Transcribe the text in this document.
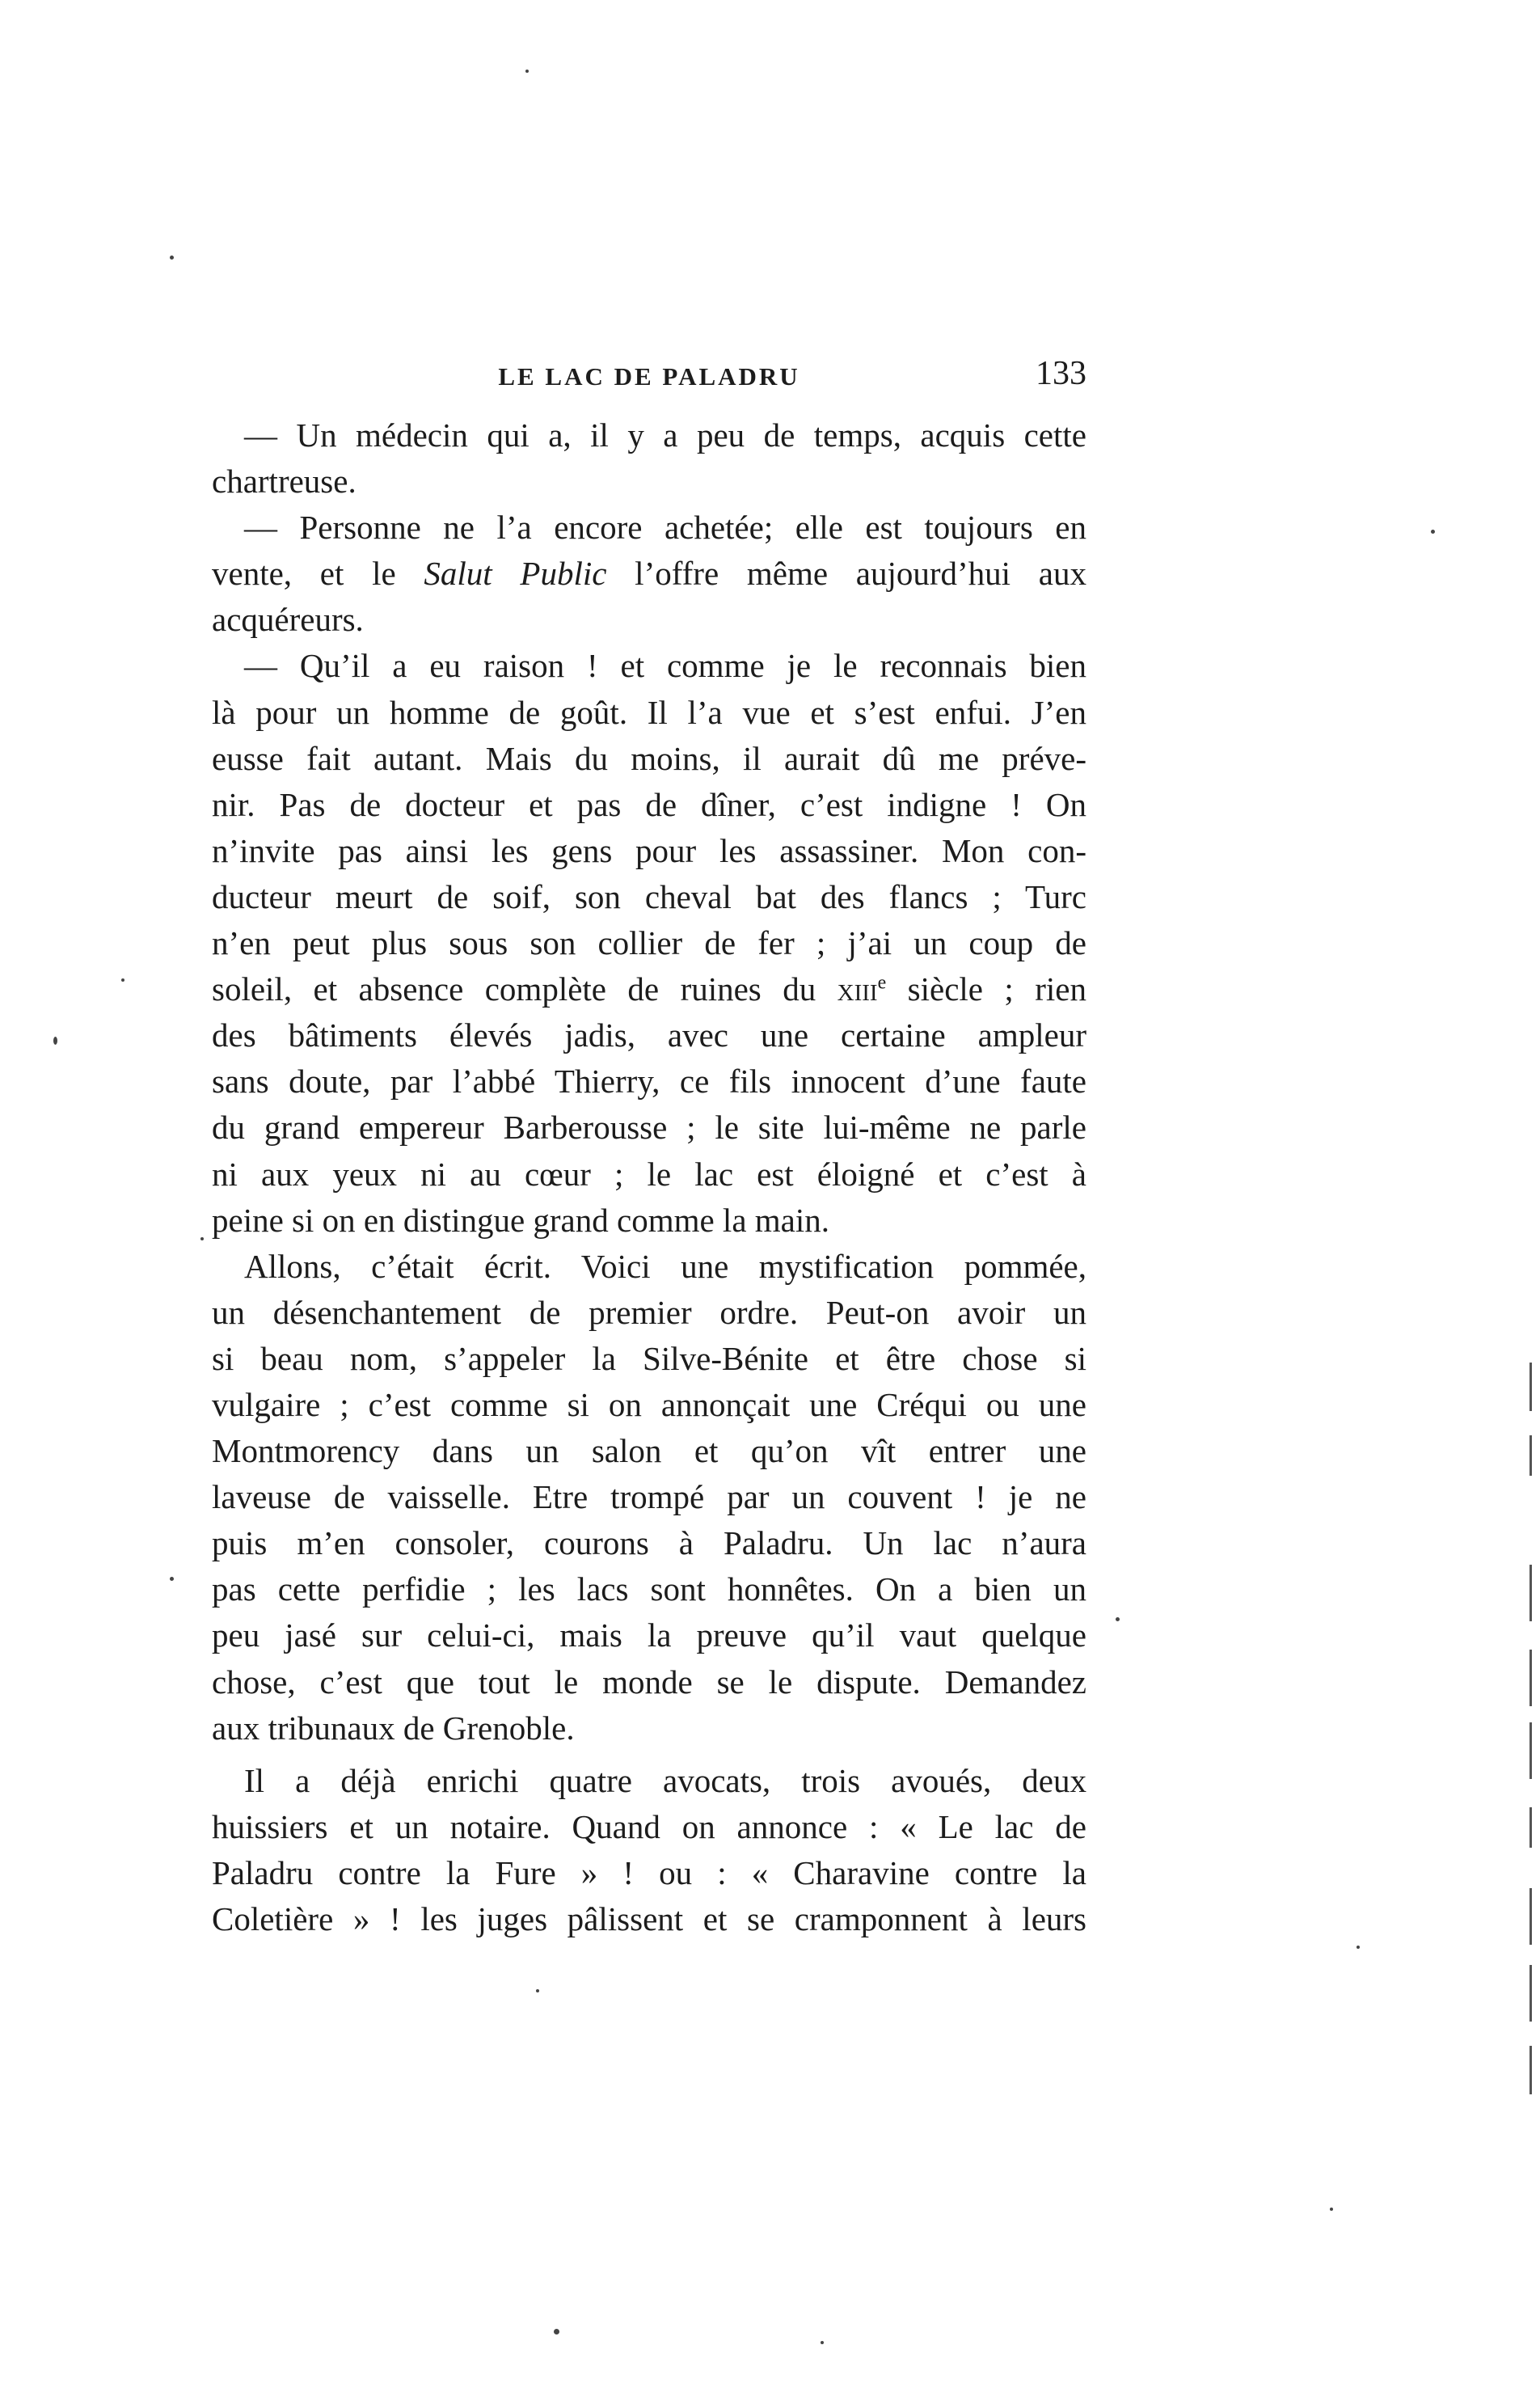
LE LAC DE PALADRU	133
— Un médecin qui a, il y a peu de temps, acquis cette
chartreuse.
— Personne ne l’a encore achetée; elle est toujours en
vente, et le Salut Public l’offre même aujourd’hui aux
acquéreurs.
— Qu’il a eu raison ! et comme je le reconnais bien
là pour un homme de goût. Il l’a vue et s’est enfui. J’en
eusse fait autant. Mais du moins, il aurait dû me préve-
nir. Pas de docteur et pas de dîner, c’est indigne ! On
n’invite pas ainsi les gens pour les assassiner. Mon con-
ducteur meurt de soif, son cheval bat des flancs ; Turc
n’en peut plus sous son collier de fer ; j’ai un coup de
soleil, et absence complète de ruines du xiii$^e$ siècle ; rien
des bâtiments élevés jadis, avec une certaine ampleur
sans doute, par l’abbé Thierry, ce fils innocent d’une faute
du grand empereur Barberousse ; le site lui-même ne parle
ni aux yeux ni au cœur ; le lac est éloigné et c’est à
peine si on en distingue grand comme la main.
Allons, c’était écrit. Voici une mystification pommée,
un désenchantement de premier ordre. Peut-on avoir un
si beau nom, s’appeler la Silve-Bénite et être chose si
vulgaire ; c’est comme si on annonçait une Créqui ou une
Montmorency dans un salon et qu’on vît entrer une
laveuse de vaisselle. Etre trompé par un couvent ! je ne
puis m’en consoler, courons à Paladru. Un lac n’aura
pas cette perfidie ; les lacs sont honnêtes. On a bien un
peu jasé sur celui-ci, mais la preuve qu’il vaut quelque
chose, c’est que tout le monde se le dispute. Demandez
aux tribunaux de Grenoble.
Il a déjà enrichi quatre avocats, trois avoués, deux
huissiers et un notaire. Quand on annonce : « Le lac de
Paladru contre la Fure » ! ou : « Charavine contre la
Coletière » ! les juges pâlissent et se cramponnent à leurs
